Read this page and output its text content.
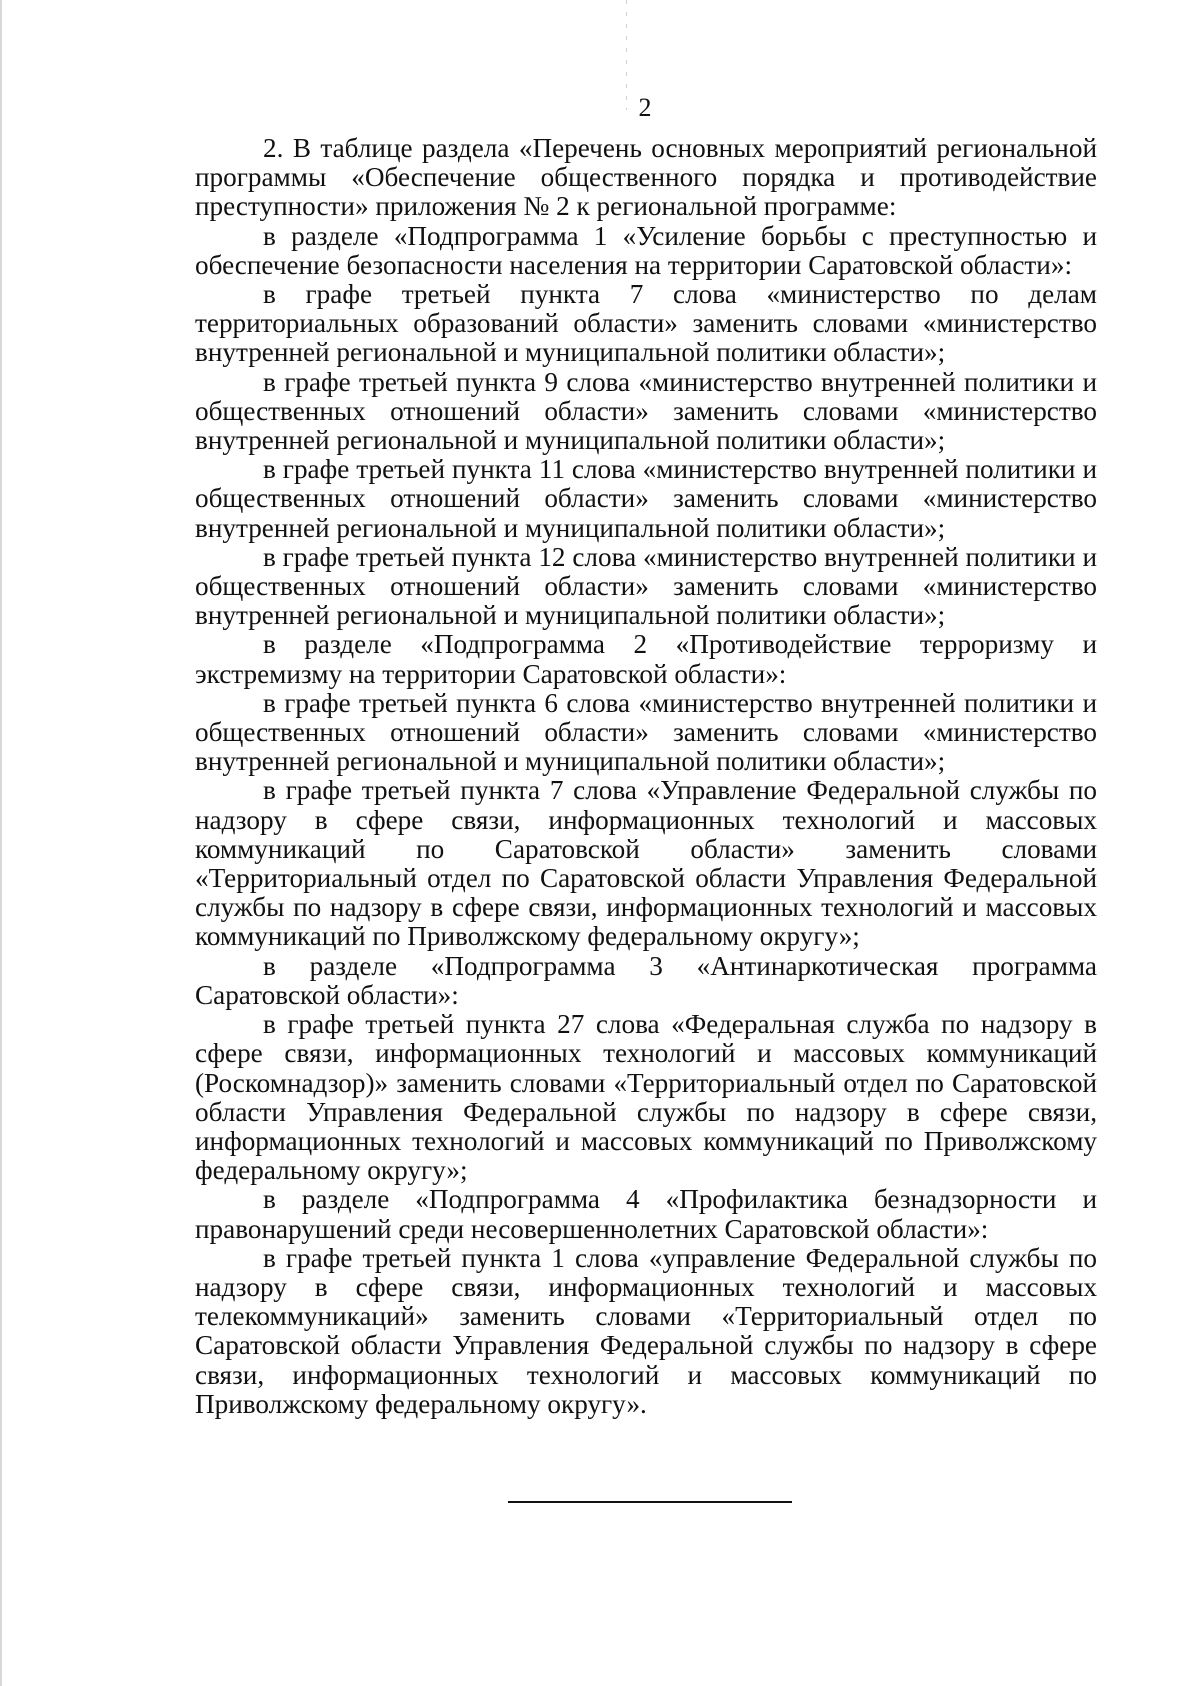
2

2. В таблице раздела «Перечень основных мероприятий региональной программы «Обеспечение общественного порядка и противодействие преступности» приложения № 2 к региональной программе:

в разделе «Подпрограмма 1 «Усиление борьбы с преступностью и обеспечение безопасности населения на территории Саратовской области»:

в графе третьей пункта 7 слова «министерство по делам территориальных образований области» заменить словами «министерство внутренней региональной и муниципальной политики области»;

в графе третьей пункта 9 слова «министерство внутренней политики и общественных отношений области» заменить словами «министерство внутренней региональной и муниципальной политики области»;

в графе третьей пункта 11 слова «министерство внутренней политики и общественных отношений области» заменить словами «министерство внутренней региональной и муниципальной политики области»;

в графе третьей пункта 12 слова «министерство внутренней политики и общественных отношений области» заменить словами «министерство внутренней региональной и муниципальной политики области»;

в разделе «Подпрограмма 2 «Противодействие терроризму и экстремизму на территории Саратовской области»:

в графе третьей пункта 6 слова «министерство внутренней политики и общественных отношений области» заменить словами «министерство внутренней региональной и муниципальной политики области»;

в графе третьей пункта 7 слова «Управление Федеральной службы по надзору в сфере связи, информационных технологий и массовых коммуникаций по Саратовской области» заменить словами «Территориальный отдел по Саратовской области Управления Федеральной службы по надзору в сфере связи, информационных технологий и массовых коммуникаций по Приволжскому федеральному округу»;

в разделе «Подпрограмма 3 «Антинаркотическая программа Саратовской области»:

в графе третьей пункта 27 слова «Федеральная служба по надзору в сфере связи, информационных технологий и массовых коммуникаций (Роскомнадзор)» заменить словами «Территориальный отдел по Саратовской области Управления Федеральной службы по надзору в сфере связи, информационных технологий и массовых коммуникаций по Приволжскому федеральному округу»;

в разделе «Подпрограмма 4 «Профилактика безнадзорности и правонарушений среди несовершеннолетних Саратовской области»:

в графе третьей пункта 1 слова «управление Федеральной службы по надзору в сфере связи, информационных технологий и массовых телекоммуникаций» заменить словами «Территориальный отдел по Саратовской области Управления Федеральной службы по надзору в сфере связи, информационных технологий и массовых коммуникаций по Приволжскому федеральному округу».
